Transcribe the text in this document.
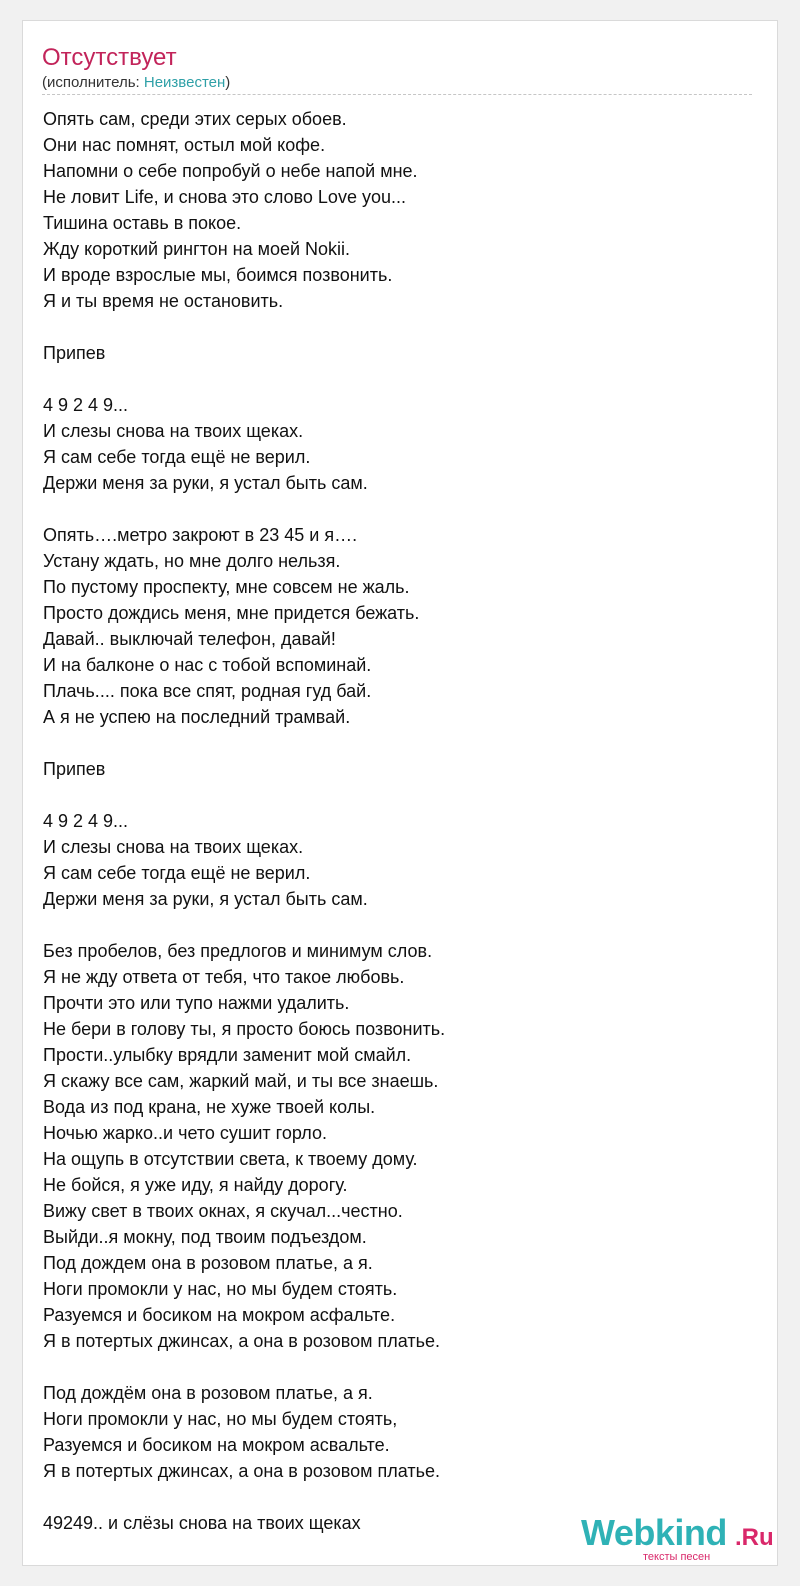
Отсутствует
(исполнитель: Неизвестен)
Опять сам, среди этих серых обоев.
Они нас помнят, остыл мой кофе.
Напомни о себе попробуй о небе напой мне.
Не ловит Life, и снова это слово Love you...
Тишина оставь в покое.
Жду короткий рингтон на моей Nokii.
И вроде взрослые мы, боимся позвонить.
Я и ты время не остановить.
Припев
4 9 2 4 9...
И слезы снова на твоих щеках.
Я сам себе тогда ещё не верил.
Держи меня за руки, я устал быть сам.
Опять….метро закроют в 23 45 и я….
Устану ждать, но мне долго нельзя.
По пустому проспекту, мне совсем не жаль.
Просто дождись меня, мне придется бежать.
Давай.. выключай телефон, давай!
И на балконе о нас с тобой вспоминай.
Плачь.... пока все спят, родная гуд бай.
А я не успею на последний трамвай.
Припев
4 9 2 4 9...
И слезы снова на твоих щеках.
Я сам себе тогда ещё не верил.
Держи меня за руки, я устал быть сам.
Без пробелов, без предлогов и минимум слов.
Я не жду ответа от тебя, что такое любовь.
Прочти это или тупо нажми удалить.
Не бери в голову ты, я просто боюсь позвонить.
Прости..улыбку врядли заменит мой смайл.
Я скажу все сам, жаркий май, и ты все знаешь.
Вода из под крана, не хуже твоей колы.
Ночью жарко..и чето сушит горло.
На ощупь в отсутствии света, к твоему дому.
Не бойся, я уже иду, я найду дорогу.
Вижу свет в твоих окнах, я скучал...честно.
Выйди..я мокну, под твоим подъездом.
Под дождем она в розовом платье, а я.
Ноги промокли у нас, но мы будем стоять.
Разуемся и босиком на мокром асфальте.
Я в потертых джинсах, а она в розовом платье.
Под дождём она в розовом платье, а я.
Ноги промокли у нас, но мы будем стоять,
Разуемся и босиком на мокром асвальте.
Я в потертых джинсах, а она в розовом платье.
49249.. и слёзы снова на твоих щеках	Webkind .Ru
тексты песен
